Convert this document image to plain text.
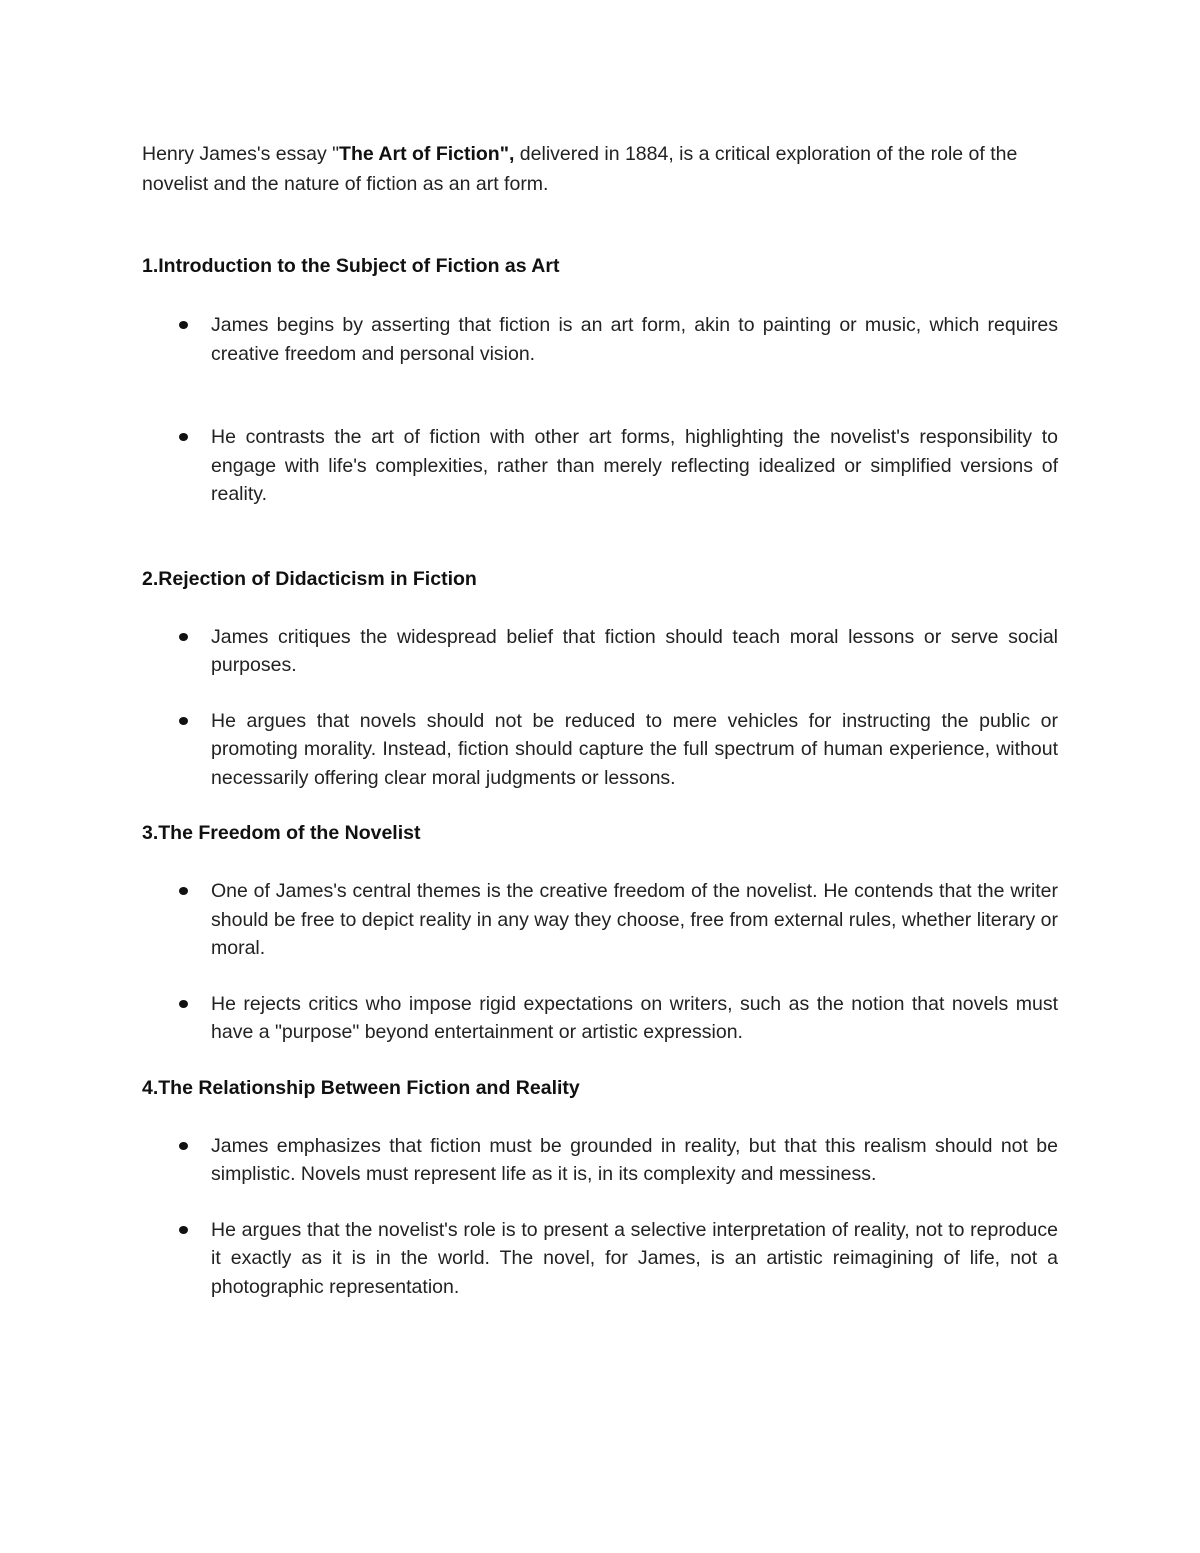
Henry James's essay "The Art of Fiction", delivered in 1884, is a critical exploration of the role of the novelist and the nature of fiction as an art form.

1.Introduction to the Subject of Fiction as Art
James begins by asserting that fiction is an art form, akin to painting or music, which requires creative freedom and personal vision.
He contrasts the art of fiction with other art forms, highlighting the novelist's responsibility to engage with life's complexities, rather than merely reflecting idealized or simplified versions of reality.
2.Rejection of Didacticism in Fiction
James critiques the widespread belief that fiction should teach moral lessons or serve social purposes.
He argues that novels should not be reduced to mere vehicles for instructing the public or promoting morality. Instead, fiction should capture the full spectrum of human experience, without necessarily offering clear moral judgments or lessons.
3.The Freedom of the Novelist
One of James's central themes is the creative freedom of the novelist. He contends that the writer should be free to depict reality in any way they choose, free from external rules, whether literary or moral.
He rejects critics who impose rigid expectations on writers, such as the notion that novels must have a "purpose" beyond entertainment or artistic expression.
4.The Relationship Between Fiction and Reality
James emphasizes that fiction must be grounded in reality, but that this realism should not be simplistic. Novels must represent life as it is, in its complexity and messiness.
He argues that the novelist's role is to present a selective interpretation of reality, not to reproduce it exactly as it is in the world. The novel, for James, is an artistic reimagining of life, not a photographic representation.
